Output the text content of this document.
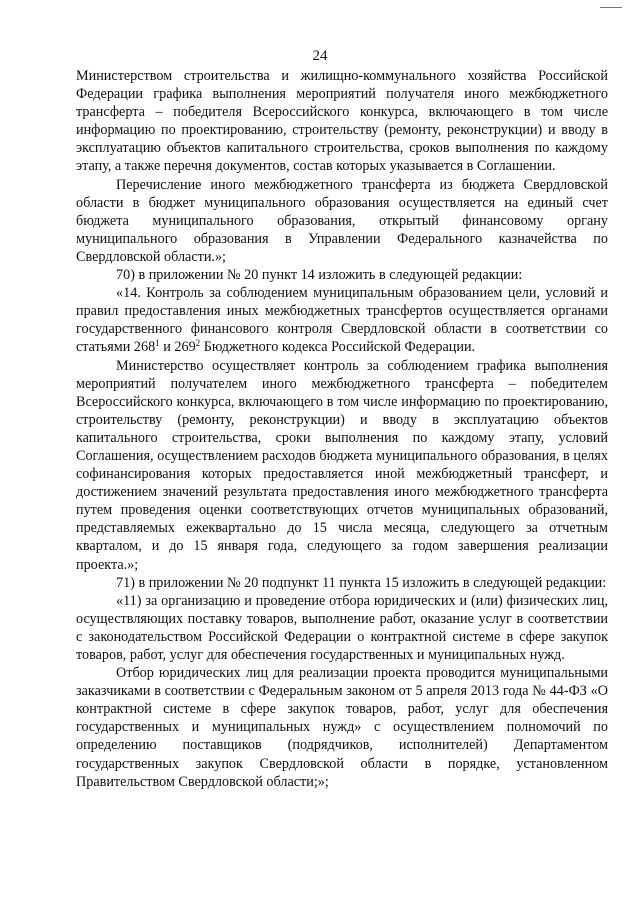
24

Министерством строительства и жилищно-коммунального хозяйства Российской Федерации графика выполнения мероприятий получателя иного межбюджетного трансферта – победителя Всероссийского конкурса, включающего в том числе информацию по проектированию, строительству (ремонту, реконструкции) и вводу в эксплуатацию объектов капитального строительства, сроков выполнения по каждому этапу, а также перечня документов, состав которых указывается в Соглашении.

Перечисление иного межбюджетного трансферта из бюджета Свердловской области в бюджет муниципального образования осуществляется на единый счет бюджета муниципального образования, открытый финансовому органу муниципального образования в Управлении Федерального казначейства по Свердловской области.»;

70) в приложении № 20 пункт 14 изложить в следующей редакции:

«14. Контроль за соблюдением муниципальным образованием цели, условий и правил предоставления иных межбюджетных трансфертов осуществляется органами государственного финансового контроля Свердловской области в соответствии со статьями $268^1$ и $269^2$ Бюджетного кодекса Российской Федерации.

Министерство осуществляет контроль за соблюдением графика выполнения мероприятий получателем иного межбюджетного трансферта – победителем Всероссийского конкурса, включающего в том числе информацию по проектированию, строительству (ремонту, реконструкции) и вводу в эксплуатацию объектов капитального строительства, сроки выполнения по каждому этапу, условий Соглашения, осуществлением расходов бюджета муниципального образования, в целях софинансирования которых предоставляется иной межбюджетный трансферт, и достижением значений результата предоставления иного межбюджетного трансферта путем проведения оценки соответствующих отчетов муниципальных образований, представляемых ежеквартально до 15 числа месяца, следующего за отчетным кварталом, и до 15 января года, следующего за годом завершения реализации проекта.»;

71) в приложении № 20 подпункт 11 пункта 15 изложить в следующей редакции:

«11) за организацию и проведение отбора юридических и (или) физических лиц, осуществляющих поставку товаров, выполнение работ, оказание услуг в соответствии с законодательством Российской Федерации о контрактной системе в сфере закупок товаров, работ, услуг для обеспечения государственных и муниципальных нужд.

Отбор юридических лиц для реализации проекта проводится муниципальными заказчиками в соответствии с Федеральным законом от 5 апреля 2013 года № 44-ФЗ «О контрактной системе в сфере закупок товаров, работ, услуг для обеспечения государственных и муниципальных нужд» с осуществлением полномочий по определению поставщиков (подрядчиков, исполнителей) Департаментом государственных закупок Свердловской области в порядке, установленном Правительством Свердловской области;»;
